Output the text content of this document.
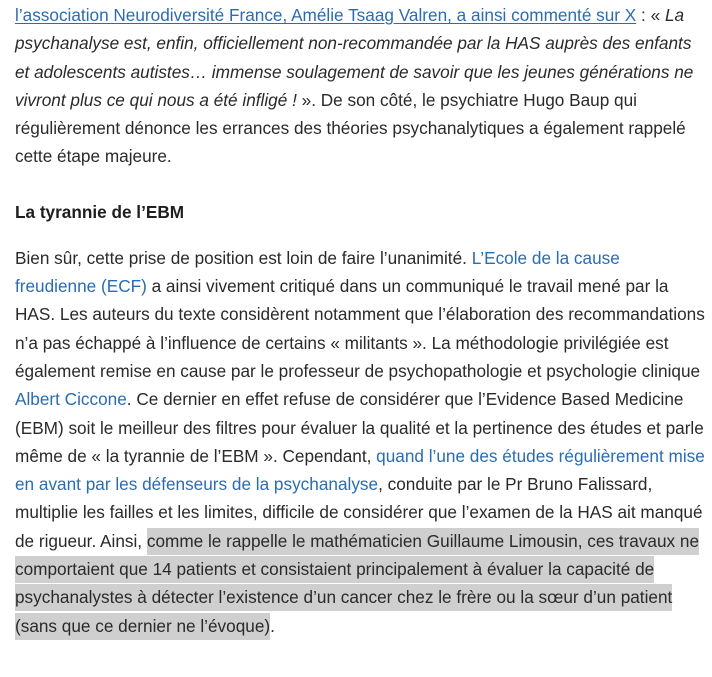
l’association Neurodiversité France, Amélie Tsaag Valren, a ainsi commenté sur X : « La psychanalyse est, enfin, officiellement non-recommandée par la HAS auprès des enfants et adolescents autistes… immense soulagement de savoir que les jeunes générations ne vivront plus ce qui nous a été infligé ! ». De son côté, le psychiatre Hugo Baup qui régulièrement dénonce les errances des théories psychanalytiques a également rappelé cette étape majeure.

La tyrannie de l’EBM

Bien sûr, cette prise de position est loin de faire l’unanimité. L’Ecole de la cause freudienne (ECF) a ainsi vivement critiqué dans un communiqué le travail mené par la HAS. Les auteurs du texte considèrent notamment que l’élaboration des recommandations n’a pas échappé à l’influence de certains « militants ». La méthodologie privilégiée est également remise en cause par le professeur de psychopathologie et psychologie clinique Albert Ciccone. Ce dernier en effet refuse de considérer que l’Evidence Based Medicine (EBM) soit le meilleur des filtres pour évaluer la qualité et la pertinence des études et parle même de « la tyrannie de l’EBM ». Cependant, quand l’une des études régulièrement mise en avant par les défenseurs de la psychanalyse, conduite par le Pr Bruno Falissard, multiplie les failles et les limites, difficile de considérer que l’examen de la HAS ait manqué de rigueur. Ainsi, comme le rappelle le mathématicien Guillaume Limousin, ces travaux ne comportaient que 14 patients et consistaient principalement à évaluer la capacité de psychanalystes à détecter l’existence d’un cancer chez le frère ou la sœur d’un patient (sans que ce dernier ne l’évoque).
